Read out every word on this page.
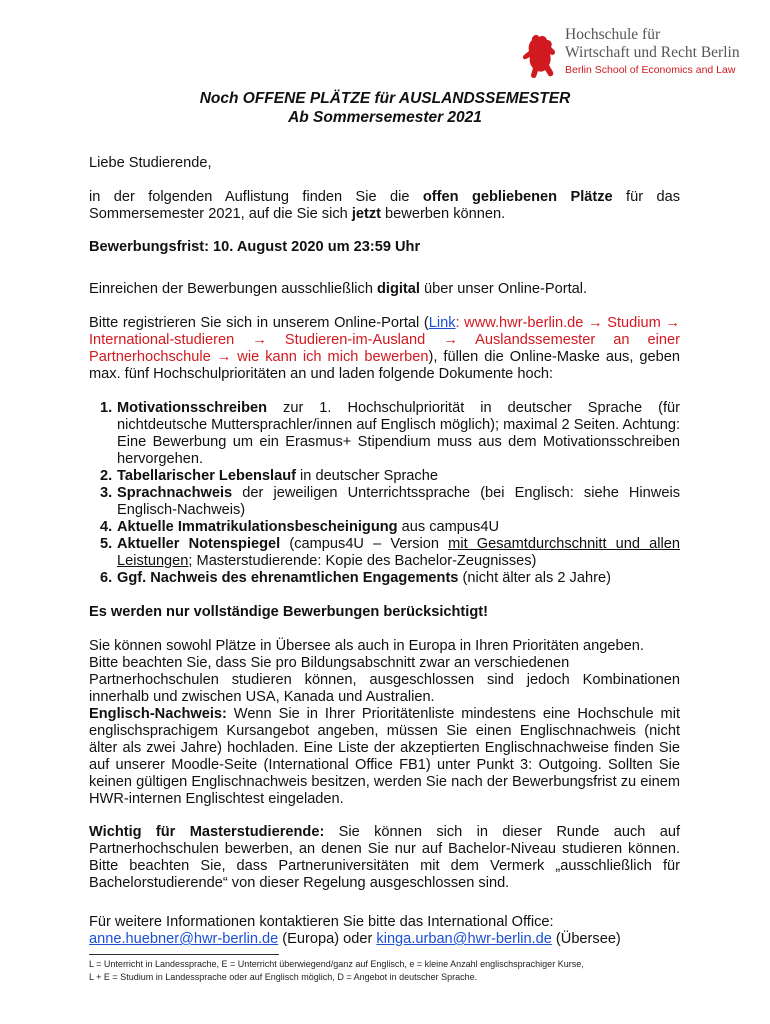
Hochschule für
Wirtschaft und Recht Berlin
Berlin School of Economics and Law
Noch OFFENE PLÄTZE für AUSLANDSSEMESTER
Ab Sommersemester 2021

Liebe Studierende,

in der folgenden Auflistung finden Sie die offen gebliebenen Plätze für das Sommersemester 2021, auf die Sie sich jetzt bewerben können.

Bewerbungsfrist: 10. August 2020 um 23:59 Uhr

Einreichen der Bewerbungen ausschließlich digital über unser Online-Portal.

Bitte registrieren Sie sich in unserem Online-Portal (Link: www.hwr-berlin.de → Studium → International-studieren → Studieren-im-Ausland → Auslandssemester an einer Partnerhochschule → wie kann ich mich bewerben), füllen die Online-Maske aus, geben max. fünf Hochschulprioritäten an und laden folgende Dokumente hoch:

1. Motivationsschreiben zur 1. Hochschulpriorität in deutscher Sprache (für nichtdeutsche Muttersprachler/innen auf Englisch möglich); maximal 2 Seiten. Achtung: Eine Bewerbung um ein Erasmus+ Stipendium muss aus dem Motivationsschreiben hervorgehen.
2. Tabellarischer Lebenslauf in deutscher Sprache
3. Sprachnachweis der jeweiligen Unterrichtssprache (bei Englisch: siehe Hinweis Englisch-Nachweis)
4. Aktuelle Immatrikulationsbescheinigung aus campus4U
5. Aktueller Notenspiegel (campus4U – Version mit Gesamtdurchschnitt und allen Leistungen; Masterstudierende: Kopie des Bachelor-Zeugnisses)
6. Ggf. Nachweis des ehrenamtlichen Engagements (nicht älter als 2 Jahre)

Es werden nur vollständige Bewerbungen berücksichtigt!

Sie können sowohl Plätze in Übersee als auch in Europa in Ihren Prioritäten angeben.

Bitte beachten Sie, dass Sie pro Bildungsabschnitt zwar an verschiedenen

Partnerhochschulen studieren können, ausgeschlossen sind jedoch Kombinationen innerhalb und zwischen USA, Kanada und Australien.

Englisch-Nachweis: Wenn Sie in Ihrer Prioritätenliste mindestens eine Hochschule mit englischsprachigem Kursangebot angeben, müssen Sie einen Englischnachweis (nicht älter als zwei Jahre) hochladen. Eine Liste der akzeptierten Englischnachweise finden Sie auf unserer Moodle-Seite (International Office FB1) unter Punkt 3: Outgoing. Sollten Sie keinen gültigen Englischnachweis besitzen, werden Sie nach der Bewerbungsfrist zu einem HWR-internen Englischtest eingeladen.

Wichtig für Masterstudierende: Sie können sich in dieser Runde auch auf Partnerhochschulen bewerben, an denen Sie nur auf Bachelor-Niveau studieren können. Bitte beachten Sie, dass Partneruniversitäten mit dem Vermerk „ausschließlich für Bachelorstudierende“ von dieser Regelung ausgeschlossen sind.

Für weitere Informationen kontaktieren Sie bitte das International Office:

anne.huebner@hwr-berlin.de (Europa) oder kinga.urban@hwr-berlin.de (Übersee)

L = Unterricht in Landessprache, E = Unterricht überwiegend/ganz auf Englisch, e = kleine Anzahl englischsprachiger Kurse,
L + E = Studium in Landessprache oder auf Englisch möglich, D = Angebot in deutscher Sprache.
